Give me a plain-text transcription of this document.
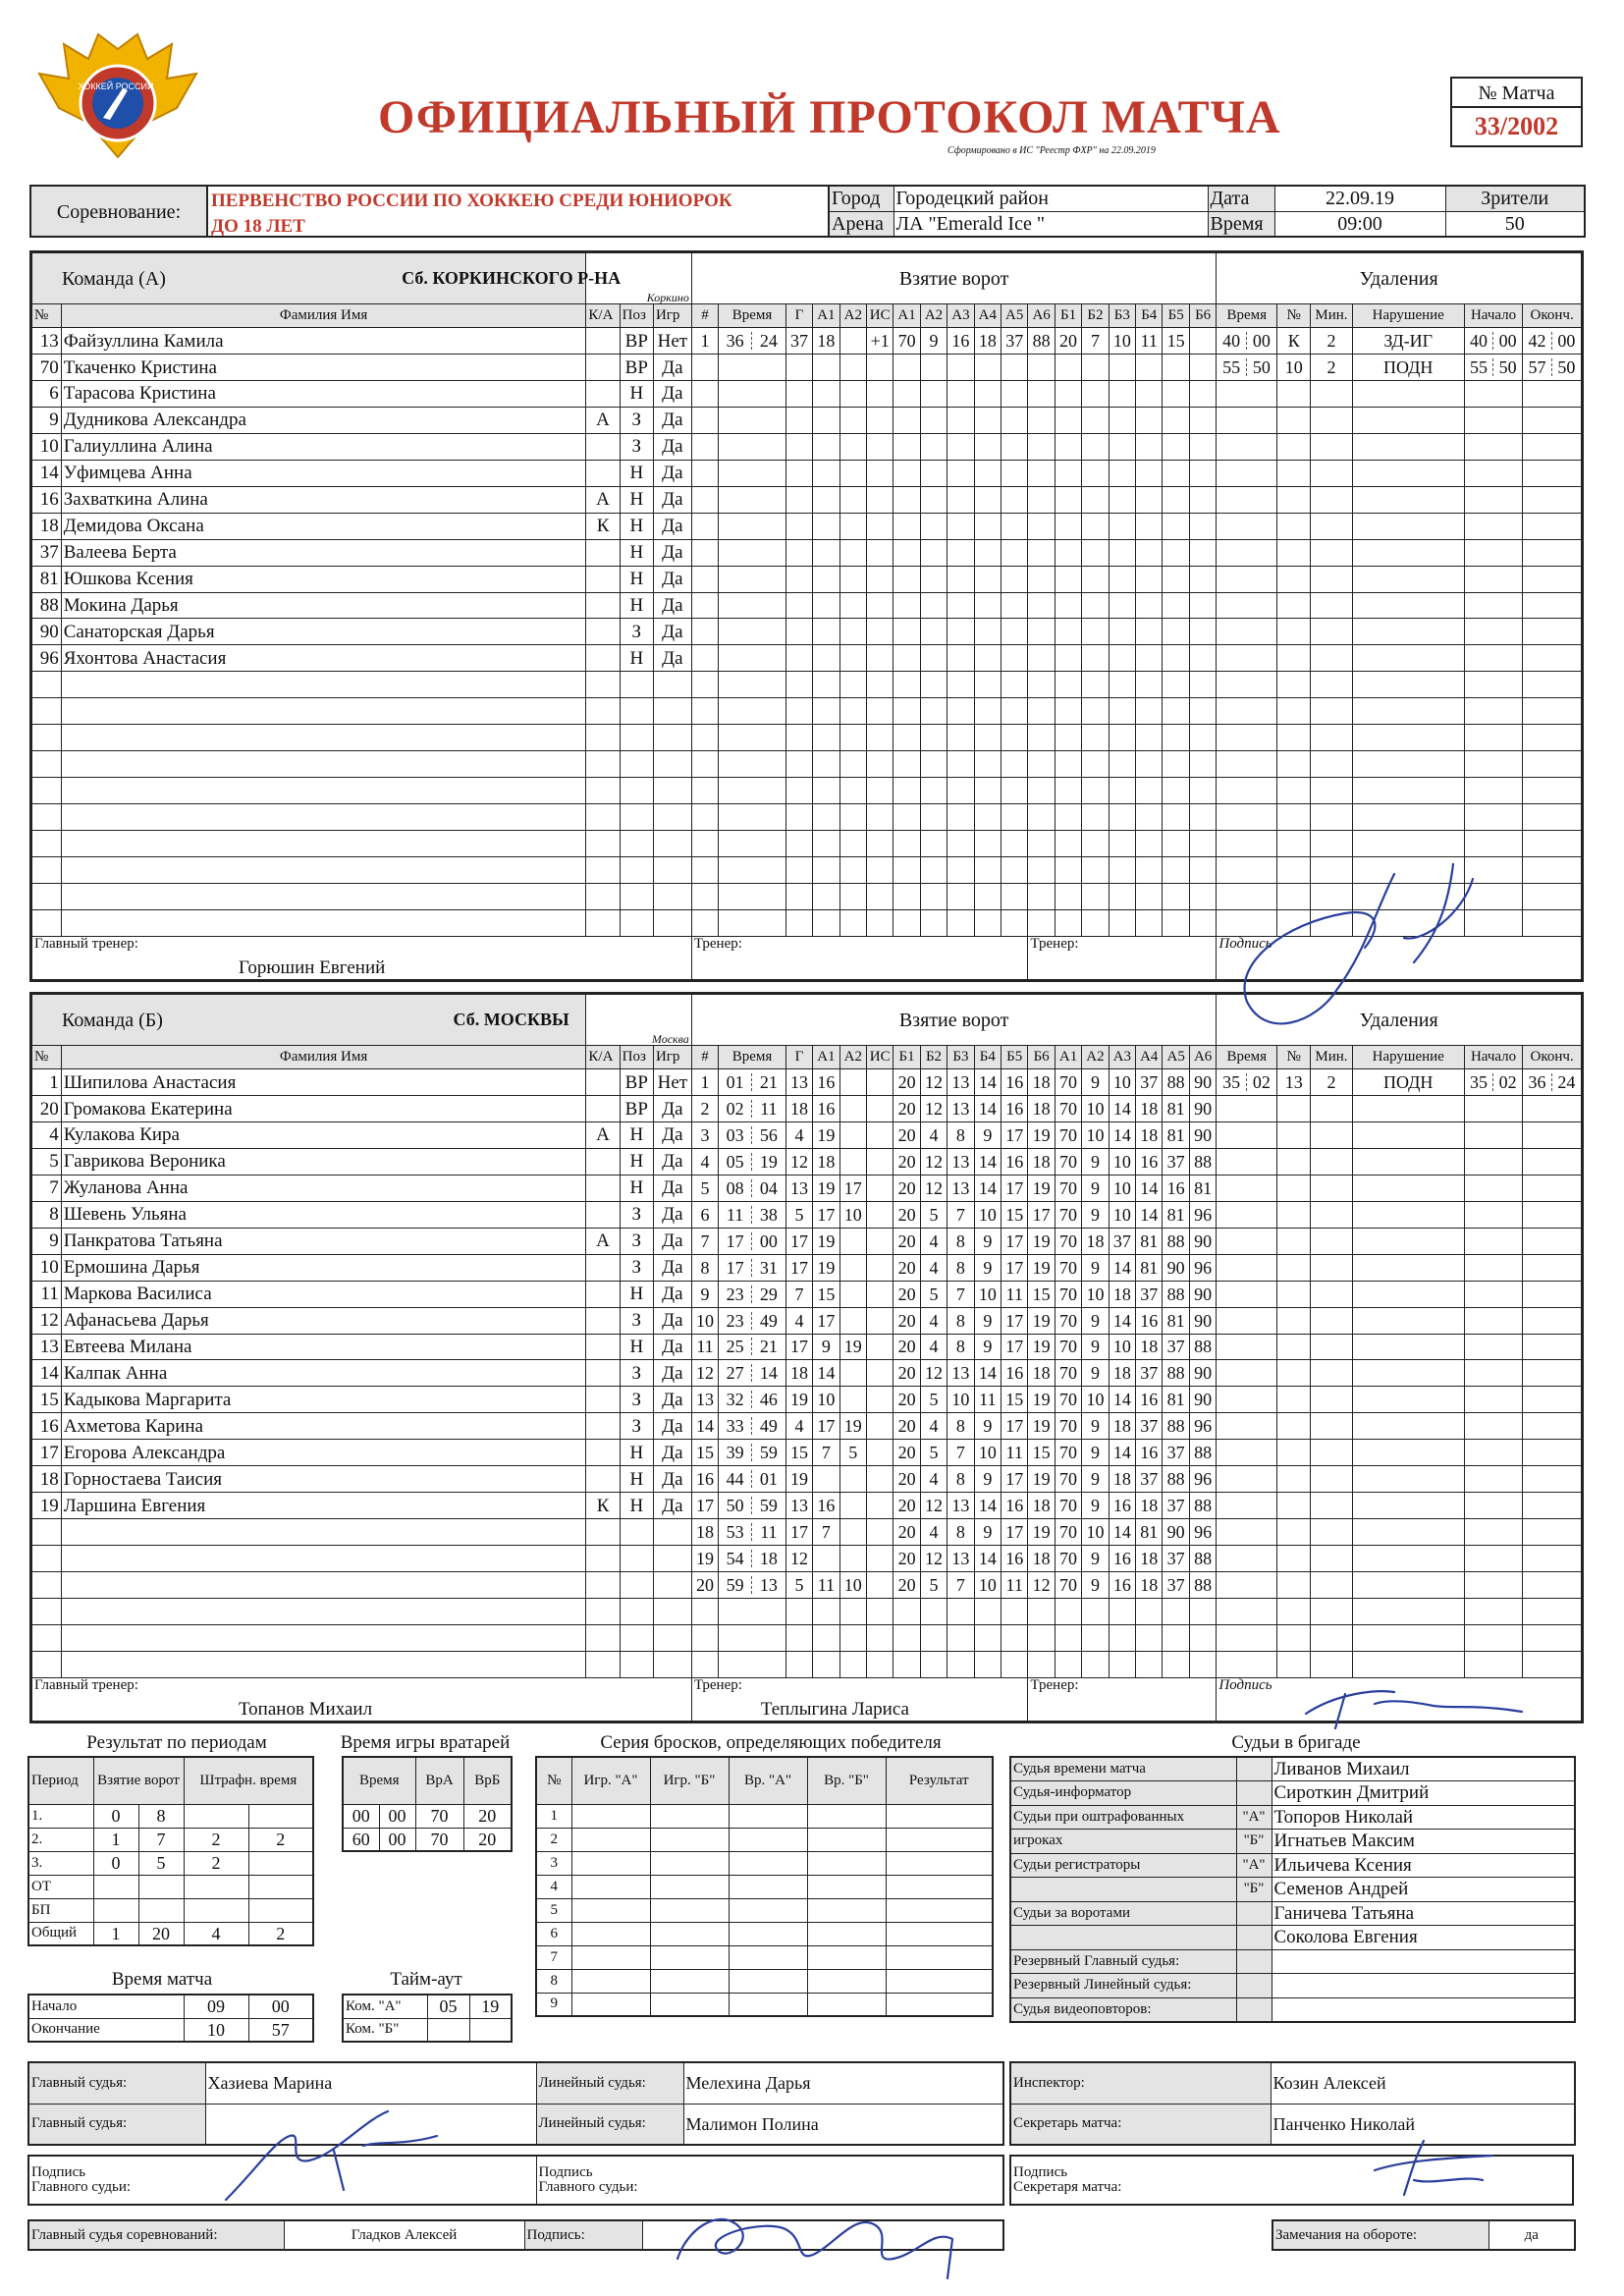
ХОККЕЙ РОССИИ
ОФИЦИАЛЬНЫЙ ПРОТОКОЛ МАТЧА
Сформировано в ИС "Реестр ФХР" на 22.09.2019
№ Матча
33/2002
Соревнование:
ПЕРВЕНСТВО РОССИИ ПО ХОККЕЮ СРЕДИ ЮНИОРОК
ДО 18 ЛЕТ
Город	Городецкий район	Дата	22.09.19	Зрители
Арена	ЛА "Emerald Ice "	Время	09:00	50
Команда (А)		Сб. КОРКИНСКОГО Р-НА
Коркино			Взятие ворот																		Удаления					
№	Фамилия Имя	К/А	Поз	Игр	#	Время	Г	А1	А2	ИС	А1	А2	А3	А4	А5	А6	Б1	Б2	Б3	Б4	Б5	Б6	Время	№	Мин.	Нарушение	Начало	Оконч.
13	Файзуллина Камила		ВР	Нет	1	36 24	37	18		+1	70	9	16	18	37	88	20	7	10	11	15		40 00	К	2	ЗД-ИГ	40 00	42 00
70	Ткаченко Кристина		ВР	Да																			55 50	10	2	ПОДН	55 50	57 50
6	Тарасова Кристина		Н	Да																								
9	Дудникова Александра	А	З	Да																								
10	Галиуллина Алина		З	Да																								
14	Уфимцева Анна		Н	Да																								
16	Захваткина Алина	А	Н	Да																								
18	Демидова Оксана	К	Н	Да																								
37	Валеева Берта		Н	Да																								
81	Юшкова Ксения		Н	Да																								
88	Мокина Дарья		Н	Да																								
90	Санаторская Дарья		З	Да																								
96	Яхонтова Анастасия		Н	Да																								

Главный тренер:
Горюшин Евгений					Тренер:											Тренер:							Подпись					
Команда (Б)		Сб. МОСКВЫ
Москва			Взятие ворот																		Удаления					
№	Фамилия Имя	К/А	Поз	Игр	#	Время	Г	А1	А2	ИС	Б1	Б2	Б3	Б4	Б5	Б6	А1	А2	А3	А4	А5	А6	Время	№	Мин.	Нарушение	Начало	Оконч.
1	Шипилова Анастасия		ВР	Нет	1	01 21	13	16			20	12	13	14	16	18	70	9	10	37	88	90	35 02	13	2	ПОДН	35 02	36 24
20	Громакова Екатерина		ВР	Да	2	02 11	18	16			20	12	13	14	16	18	70	10	14	18	81	90						
4	Кулакова Кира	А	Н	Да	3	03 56	4	19			20	4	8	9	17	19	70	10	14	18	81	90						
5	Гаврикова Вероника		Н	Да	4	05 19	12	18			20	12	13	14	16	18	70	9	10	16	37	88						
7	Жуланова Анна		Н	Да	5	08 04	13	19	17		20	12	13	14	17	19	70	9	10	14	16	81						
8	Шевень Ульяна		З	Да	6	11 38	5	17	10		20	5	7	10	15	17	70	9	10	14	81	96						
9	Панкратова Татьяна	А	З	Да	7	17 00	17	19			20	4	8	9	17	19	70	18	37	81	88	90						
10	Ермошина Дарья		З	Да	8	17 31	17	19			20	4	8	9	17	19	70	9	14	81	90	96						
11	Маркова Василиса		Н	Да	9	23 29	7	15			20	5	7	10	11	15	70	10	18	37	88	90						
12	Афанасьева Дарья		З	Да	10	23 49	4	17			20	4	8	9	17	19	70	9	14	16	81	90						
13	Евтеева Милана		Н	Да	11	25 21	17	9	19		20	4	8	9	17	19	70	9	10	18	37	88						
14	Калпак Анна		З	Да	12	27 14	18	14			20	12	13	14	16	18	70	9	18	37	88	90						
15	Кадыкова Маргарита		З	Да	13	32 46	19	10			20	5	10	11	15	19	70	10	14	16	81	90						
16	Ахметова Карина		З	Да	14	33 49	4	17	19		20	4	8	9	17	19	70	9	18	37	88	96						
17	Егорова Александра		Н	Да	15	39 59	15	7	5		20	5	7	10	11	15	70	9	14	16	37	88						
18	Горностаева Таисия		Н	Да	16	44 01	19				20	4	8	9	17	19	70	9	18	37	88	96						
19	Ларшина Евгения	К	Н	Да	17	50 59	13	16			20	12	13	14	16	18	70	9	16	18	37	88						
					18	53 11	17	7			20	4	8	9	17	19	70	10	14	81	90	96						
					19	54 18	12				20	12	13	14	16	18	70	9	16	18	37	88						
					20	59 13	5	11	10		20	5	7	10	11	12	70	9	16	18	37	88						

Главный тренер:
Топанов Михаил					Тренер:
Теплыгина Лариса											Тренер:							Подпись					
Результат по периодам
Период	Взятие ворот		Штрафн. время	
1.	0	8		
2.	1	7	2	2
3.	0	5	2	
ОТ				
БП				
Общий	1	20	4	2
Время игры вратарей
Время		ВрА	ВрБ
00	00	70	20
60	00	70	20
Время матча
Начало	09	00
Окончание	10	57
Тайм-аут
Ком. "А"	05	19
Ком. "Б"		
Серия бросков, определяющих победителя
№	Игр. "А"	Игр. "Б"	Вр. "А"	Вр. "Б"	Результат
1					
2					
3					
4					
5					
6					
7					
8					
9					
Судьи в бригаде
Судья времени матча		Ливанов Михаил
Судья-информатор		Сироткин Дмитрий
Судьи при оштрафованных	"А"	Топоров Николай
игроках	"Б"	Игнатьев Максим
Судьи регистраторы	"А"	Ильичева Ксения
	"Б"	Семенов Андрей
Судьи за воротами		Ганичева Татьяна
		Соколова Евгения
Резервный Главный судья:		
Резервный Линейный судья:		
Судья видеоповторов:		
Главный судья:	Хазиева Марина	Линейный судья:	Мелехина Дарья
Главный судья:		Линейный судья:	Малимон Полина
Инспектор:	Козин Алексей
Секретарь матча:	Панченко Николай
Подпись
Главного судьи:	Подпись
Главного судьи:
Подпись
Секретаря матча:
Главный судья соревнований:	Гладков Алексей	Подпись:		Замечания на обороте:	да
